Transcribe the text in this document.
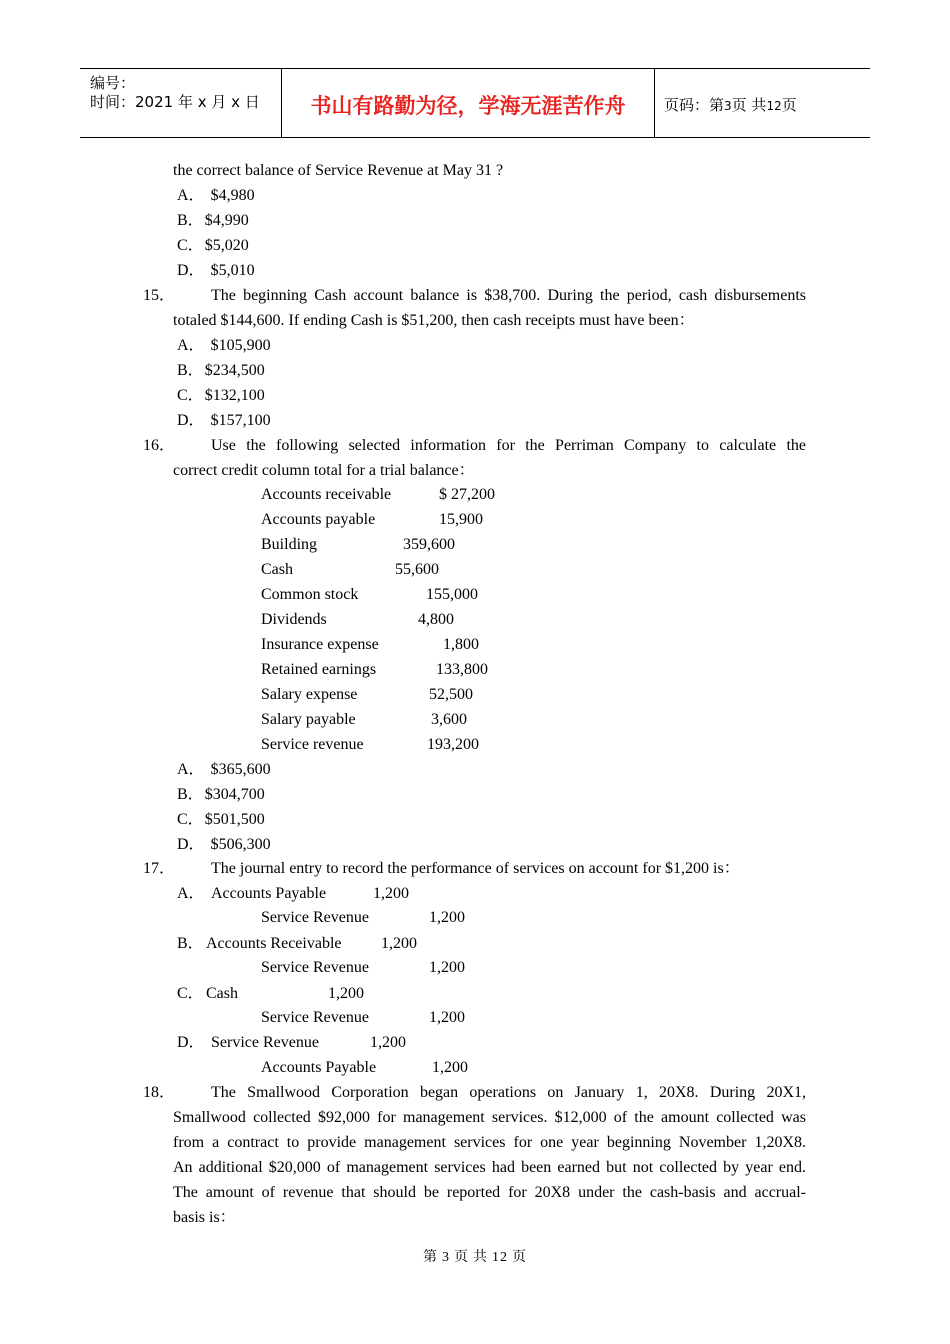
编号：
时间：2021 年 x 月 x 日	书山有路勤为径，学海无涯苦作舟	页码：第3页 共12页
the correct balance of Service Revenue at May 31 ?
A． $4,980
B．$4,990
C．$5,020
D． $5,010
15． The beginning Cash account balance is $38,700. During the period, cash disbursements
totaled $144,600. If ending Cash is $51,200, then cash receipts must have been：
A． $105,900
B．$234,500
C．$132,100
D． $157,100
16． Use the following selected information for the Perriman Company to calculate the
correct credit column total for a trial balance：
Accounts receivable	$ 27,200
Accounts payable	15,900
Building	359,600
Cash	55,600
Common stock	155,000
Dividends	4,800
Insurance expense	1,800
Retained earnings	133,800
Salary expense	52,500
Salary payable	3,600
Service revenue	193,200
A． $365,600
B．$304,700
C．$501,500
D． $506,300
17． The journal entry to record the performance of services on account for $1,200 is：
A． Accounts Payable	1,200
Service Revenue	1,200
B． Accounts Receivable 1,200
Service Revenue	1,200
C． Cash	1,200
Service Revenue	1,200
D． Service Revenue	1,200
Accounts Payable	1,200
18． The Smallwood Corporation began operations on January 1, 20X8. During 20X1,
Smallwood collected $92,000 for management services. $12,000 of the amount collected was
from a contract to provide management services for one year beginning November 1,20X8.
An additional $20,000 of management services had been earned but not collected by year end.
The amount of revenue that should be reported for 20X8 under the cash-basis and accrual-
basis is：
第 3 页 共 12 页
